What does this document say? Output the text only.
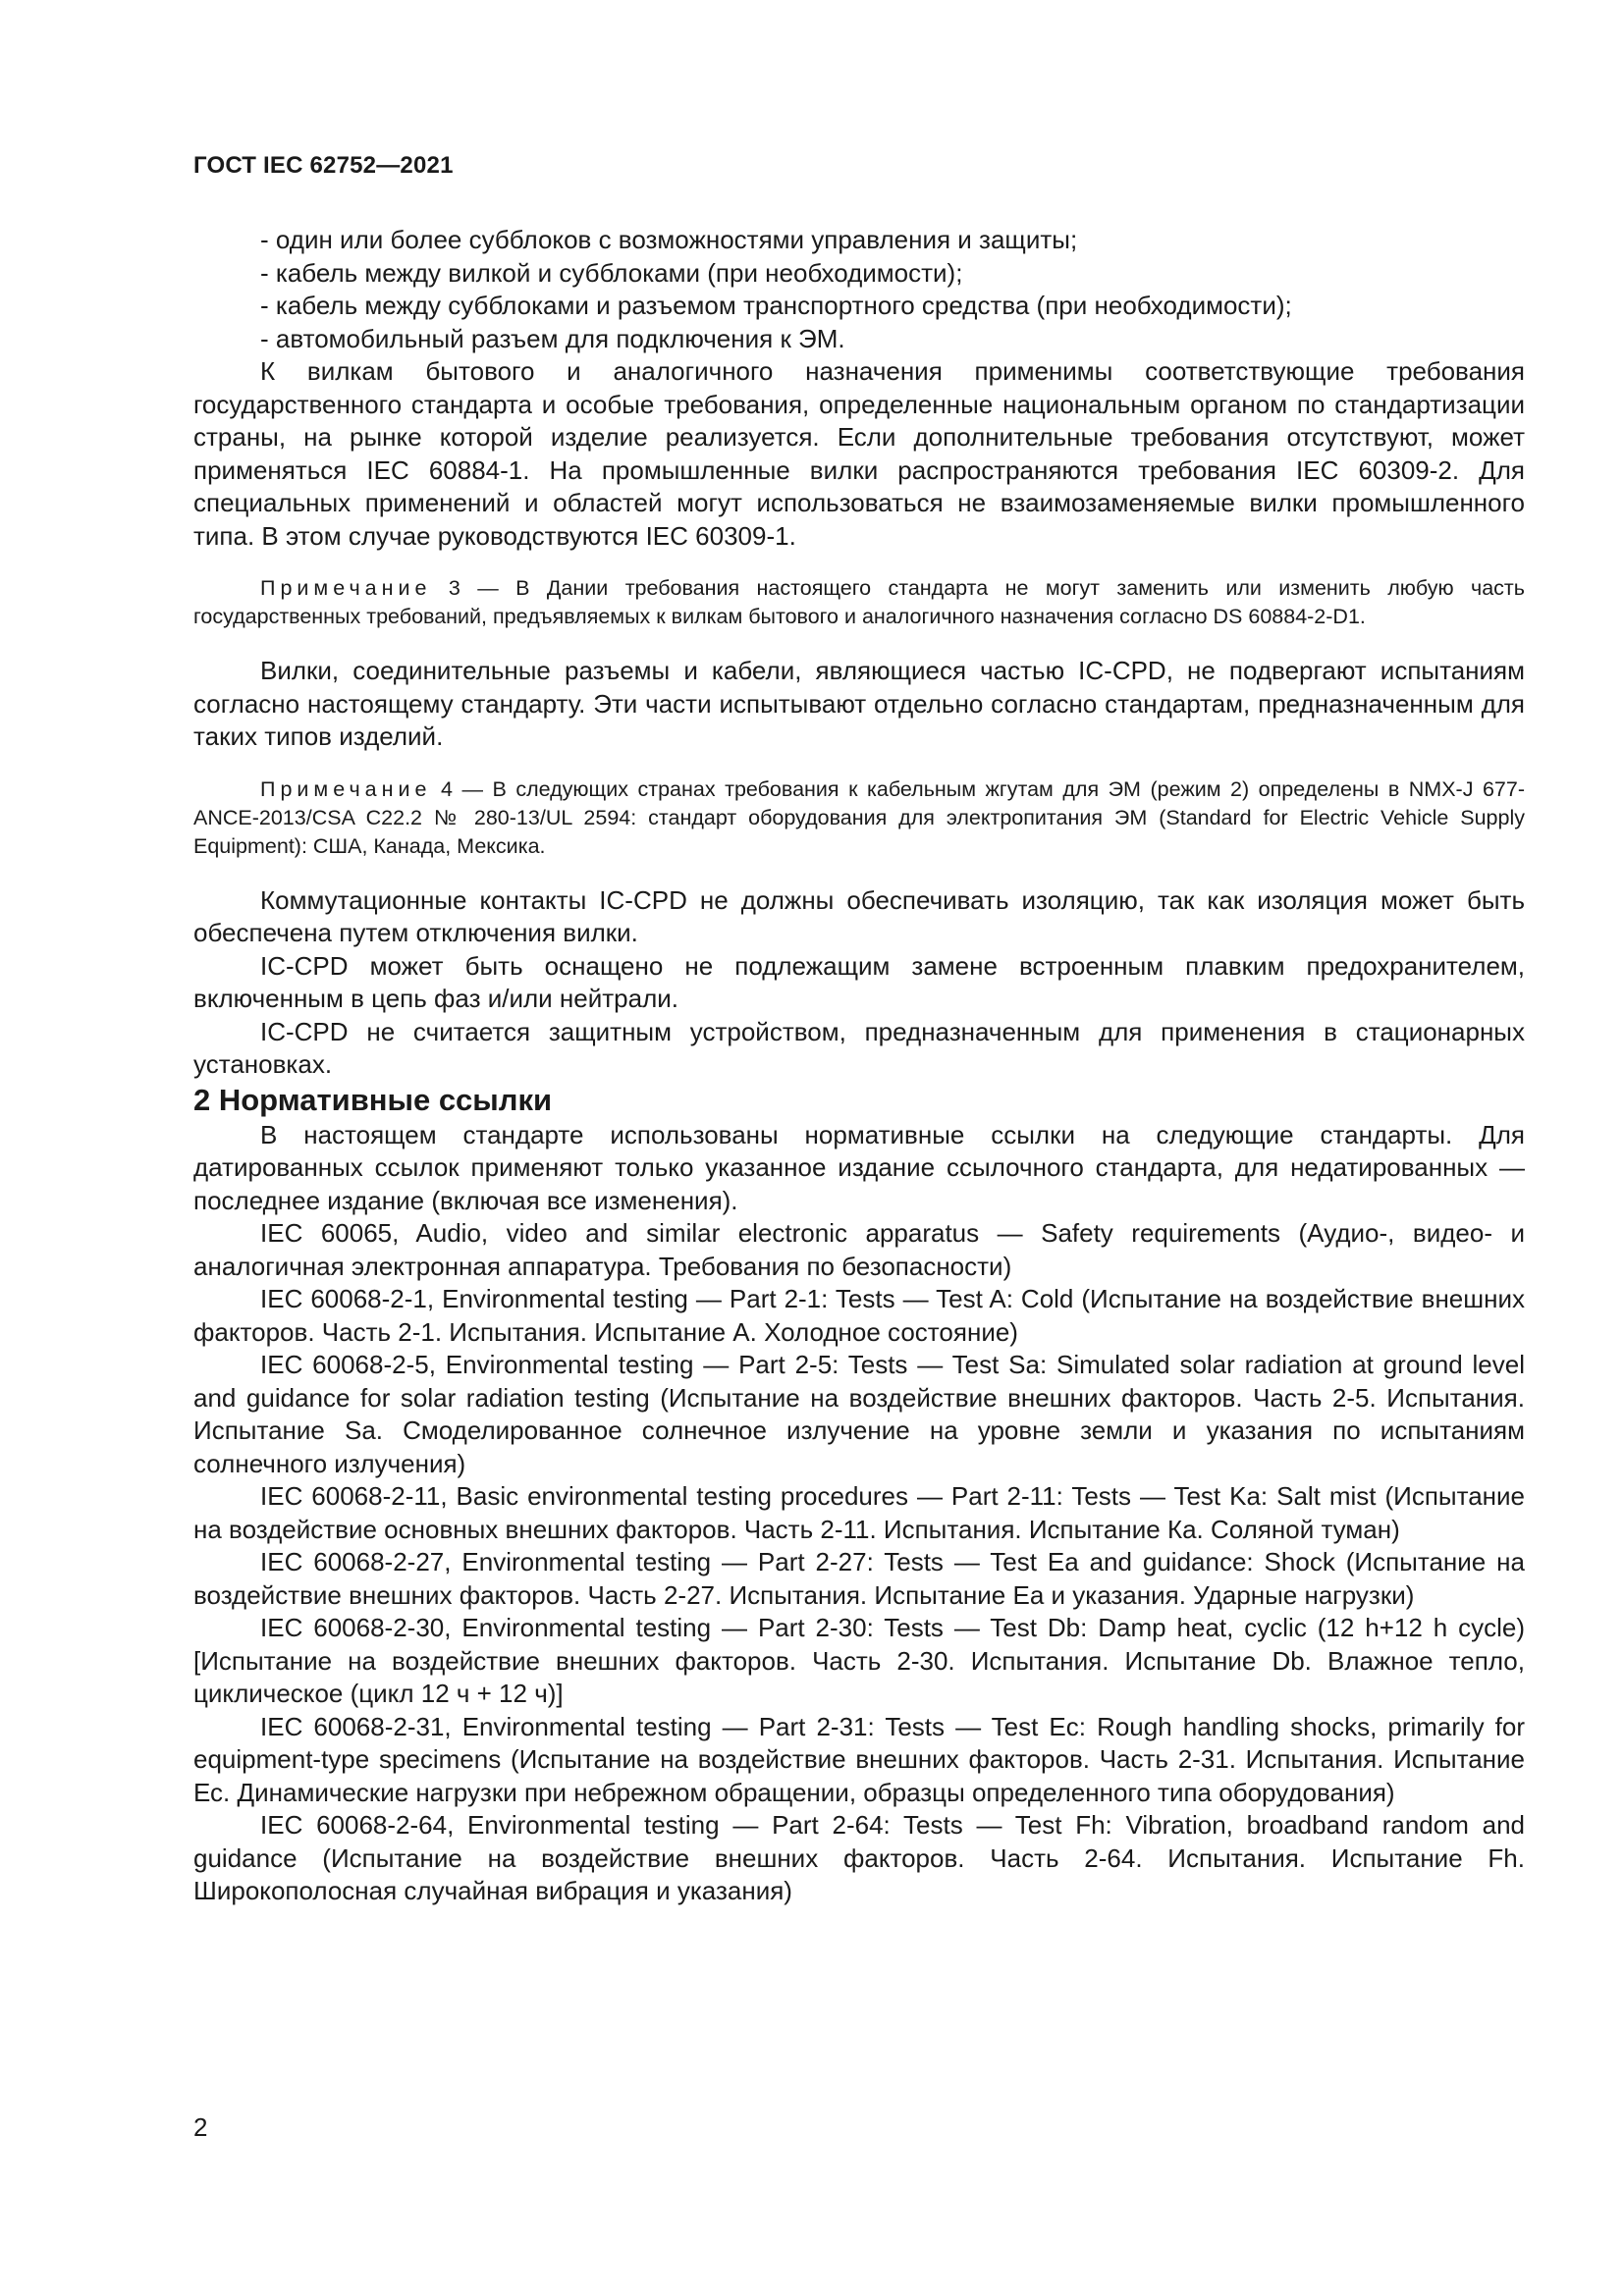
ГОСТ IEC 62752—2021

- один или более субблоков с возможностями управления и защиты;

- кабель между вилкой и субблоками (при необходимости);

- кабель между субблоками и разъемом транспортного средства (при необходимости);

- автомобильный разъем для подключения к ЭМ.

К вилкам бытового и аналогичного назначения применимы соответствующие требования государственного стандарта и особые требования, определенные национальным органом по стандартизации страны, на рынке которой изделие реализуется. Если дополнительные требования отсутствуют, может применяться IEC 60884-1. На промышленные вилки распространяются требования IEC 60309-2. Для специальных применений и областей могут использоваться не взаимозаменяемые вилки промышленного типа. В этом случае руководствуются IEC 60309-1.

Примечание 3 — В Дании требования настоящего стандарта не могут заменить или изменить любую часть государственных требований, предъявляемых к вилкам бытового и аналогичного назначения согласно DS 60884-2-D1.

Вилки, соединительные разъемы и кабели, являющиеся частью IC-CPD, не подвергают испытаниям согласно настоящему стандарту. Эти части испытывают отдельно согласно стандартам, предназначенным для таких типов изделий.

Примечание 4 — В следующих странах требования к кабельным жгутам для ЭМ (режим 2) определены в NMX-J 677-ANCE-2013/CSA C22.2 № 280-13/UL 2594: стандарт оборудования для электропитания ЭМ (Standard for Electric Vehicle Supply Equipment): США, Канада, Мексика.

Коммутационные контакты IC-CPD не должны обеспечивать изоляцию, так как изоляция может быть обеспечена путем отключения вилки.

IC-CPD может быть оснащено не подлежащим замене встроенным плавким предохранителем, включенным в цепь фаз и/или нейтрали.

IC-CPD не считается защитным устройством, предназначенным для применения в стационарных установках.

2 Нормативные ссылки

В настоящем стандарте использованы нормативные ссылки на следующие стандарты. Для датированных ссылок применяют только указанное издание ссылочного стандарта, для недатированных — последнее издание (включая все изменения).

IEC 60065, Audio, video and similar electronic apparatus — Safety requirements (Аудио-, видео- и аналогичная электронная аппаратура. Требования по безопасности)

IEC 60068-2-1, Environmental testing — Part 2-1: Tests — Test A: Cold (Испытание на воздействие внешних факторов. Часть 2-1. Испытания. Испытание А. Холодное состояние)

IEC 60068-2-5, Environmental testing — Part 2-5: Tests — Test Sa: Simulated solar radiation at ground level and guidance for solar radiation testing (Испытание на воздействие внешних факторов. Часть 2-5. Испытания. Испытание Sa. Смоделированное солнечное излучение на уровне земли и указания по испытаниям солнечного излучения)

IEC 60068-2-11, Basic environmental testing procedures — Part 2-11: Tests — Test Ka: Salt mist (Испытание на воздействие основных внешних факторов. Часть 2-11. Испытания. Испытание Ка. Соляной туман)

IEC 60068-2-27, Environmental testing — Part 2-27: Tests — Test Ea and guidance: Shock (Испытание на воздействие внешних факторов. Часть 2-27. Испытания. Испытание Еа и указания. Ударные нагрузки)

IEC 60068-2-30, Environmental testing — Part 2-30: Tests — Test Db: Damp heat, cyclic (12 h+12 h cycle) [Испытание на воздействие внешних факторов. Часть 2-30. Испытания. Испытание Db. Влажное тепло, циклическое (цикл 12 ч + 12 ч)]

IEC 60068-2-31, Environmental testing — Part 2-31: Tests — Test Ec: Rough handling shocks, primarily for equipment-type specimens (Испытание на воздействие внешних факторов. Часть 2-31. Испытания. Испытание Ес. Динамические нагрузки при небрежном обращении, образцы определенного типа оборудования)

IEC 60068-2-64, Environmental testing — Part 2-64: Tests — Test Fh: Vibration, broadband random and guidance (Испытание на воздействие внешних факторов. Часть 2-64. Испытания. Испытание Fh. Широкополосная случайная вибрация и указания)

2
